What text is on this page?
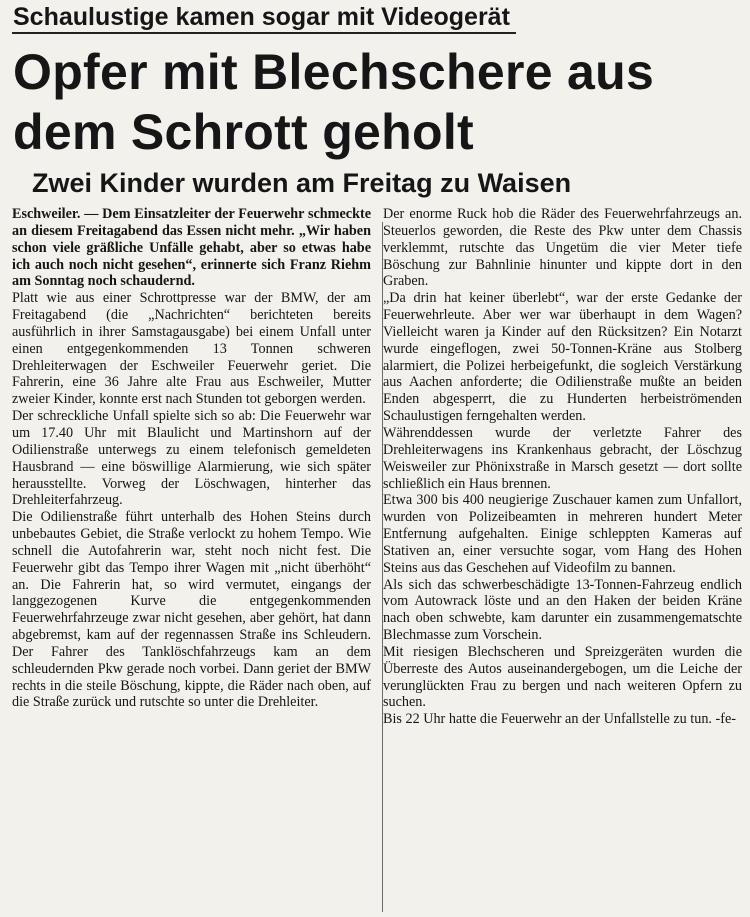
Schaulustige kamen sogar mit Videogerät
Opfer mit Blechschere aus dem Schrott geholt
Zwei Kinder wurden am Freitag zu Waisen

Eschweiler. — Dem Einsatzleiter der Feuerwehr schmeckte an diesem Freitagabend das Essen nicht mehr. „Wir haben schon viele gräßliche Unfälle gehabt, aber so etwas habe ich auch noch nicht gesehen“, erinnerte sich Franz Riehm am Sonntag noch schaudernd.

Platt wie aus einer Schrottpresse war der BMW, der am Freitagabend (die „Nachrichten“ berichteten bereits ausführlich in ihrer Samstagausgabe) bei einem Unfall unter einen entgegenkommenden 13 Tonnen schweren Drehleiterwagen der Eschweiler Feuerwehr geriet. Die Fahrerin, eine 36 Jahre alte Frau aus Eschweiler, Mutter zweier Kinder, konnte erst nach Stunden tot geborgen werden.

Der schreckliche Unfall spielte sich so ab: Die Feuerwehr war um 17.40 Uhr mit Blaulicht und Martinshorn auf der Odilienstraße unterwegs zu einem telefonisch gemeldeten Hausbrand — eine böswillige Alarmierung, wie sich später herausstellte. Vorweg der Löschwagen, hinterher das Drehleiterfahrzeug.

Die Odilienstraße führt unterhalb des Hohen Steins durch unbebautes Gebiet, die Straße verlockt zu hohem Tempo. Wie schnell die Autofahrerin war, steht noch nicht fest. Die Feuerwehr gibt das Tempo ihrer Wagen mit „nicht überhöht“ an. Die Fahrerin hat, so wird vermutet, eingangs der langgezogenen Kurve die entgegenkommenden Feuerwehrfahrzeuge zwar nicht gesehen, aber gehört, hat dann abgebremst, kam auf der regennassen Straße ins Schleudern. Der Fahrer des Tanklöschfahrzeugs kam an dem schleudernden Pkw gerade noch vorbei. Dann geriet der BMW rechts in die steile Böschung, kippte, die Räder nach oben, auf die Straße zurück und rutschte so unter die Drehleiter.

Der enorme Ruck hob die Räder des Feuerwehrfahrzeugs an. Steuerlos geworden, die Reste des Pkw unter dem Chassis verklemmt, rutschte das Ungetüm die vier Meter tiefe Böschung zur Bahnlinie hinunter und kippte dort in den Graben.

„Da drin hat keiner überlebt“, war der erste Gedanke der Feuerwehrleute. Aber wer war überhaupt in dem Wagen? Vielleicht waren ja Kinder auf den Rücksitzen? Ein Notarzt wurde eingeflogen, zwei 50-Tonnen-Kräne aus Stolberg alarmiert, die Polizei herbeigefunkt, die sogleich Verstärkung aus Aachen anforderte; die Odilienstraße mußte an beiden Enden abgesperrt, die zu Hunderten herbeiströmenden Schaulustigen ferngehalten werden.

Währenddessen wurde der verletzte Fahrer des Drehleiterwagens ins Krankenhaus gebracht, der Löschzug Weisweiler zur Phönixstraße in Marsch gesetzt — dort sollte schließlich ein Haus brennen.

Etwa 300 bis 400 neugierige Zuschauer kamen zum Unfallort, wurden von Polizeibeamten in mehreren hundert Meter Entfernung aufgehalten. Einige schleppten Kameras auf Stativen an, einer versuchte sogar, vom Hang des Hohen Steins aus das Geschehen auf Videofilm zu bannen.

Als sich das schwerbeschädigte 13-Tonnen-Fahrzeug endlich vom Autowrack löste und an den Haken der beiden Kräne nach oben schwebte, kam darunter ein zusammengematschte Blechmasse zum Vorschein.

Mit riesigen Blechscheren und Spreizgeräten wurden die Überreste des Autos auseinandergebogen, um die Leiche der verunglückten Frau zu bergen und nach weiteren Opfern zu suchen.

Bis 22 Uhr hatte die Feuerwehr an der Unfallstelle zu tun. -fe-
